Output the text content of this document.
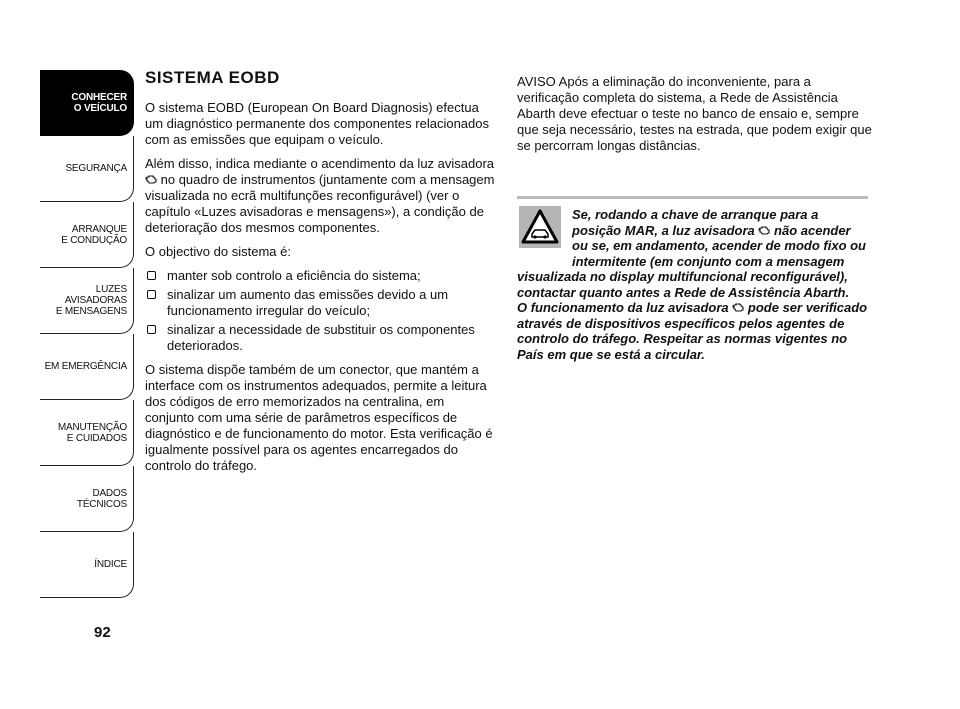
CONHECER
O VEÍCULO
SEGURANÇA
ARRANQUE
E CONDUÇÃO
LUZES
AVISADORAS
E MENSAGENS
EM EMERGÊNCIA
MANUTENÇÃO
E CUIDADOS
DADOS
TÉCNICOS
ÍNDICE
92
SISTEMA EOBD

O sistema EOBD (European On Board Diagnosis) efectua um diagnóstico permanente dos componentes relacionados com as emissões que equipam o veículo.

Além disso, indica mediante o acendimento da luz avisadora  no quadro de instrumentos (juntamente com a mensagem visualizada no ecrã multifunções reconfigurável) (ver o capítulo «Luzes avisadoras e mensagens»), a condição de deterioração dos mesmos componentes.

O objectivo do sistema é:

manter sob controlo a eficiência do sistema;
sinalizar um aumento das emissões devido a um funcionamento irregular do veículo;
sinalizar a necessidade de substituir os componentes deteriorados.

O sistema dispõe também de um conector, que mantém a interface com os instrumentos adequados, permite a leitura dos códigos de erro memorizados na centralina, em conjunto com uma série de parâmetros específicos de diagnóstico e de funcionamento do motor. Esta verificação é igualmente possível para os agentes encarregados do controlo do tráfego.

AVISO Após a eliminação do inconveniente, para a verificação completa do sistema, a Rede de Assistência Abarth deve efectuar o teste no banco de ensaio e, sempre que seja necessário, testes na estrada, que podem exigir que se percorram longas distâncias.

Se, rodando a chave de arranque para a posição MAR, a luz avisadora não acender ou se, em andamento, acender de modo fixo ou intermitente (em conjunto com a mensagem visualizada no display multifuncional reconfigurável), contactar quanto antes a Rede de Assistência Abarth.
O funcionamento da luz avisadora pode ser verificado através de dispositivos específicos pelos agentes de controlo do tráfego. Respeitar as normas vigentes no País em que se está a circular.
